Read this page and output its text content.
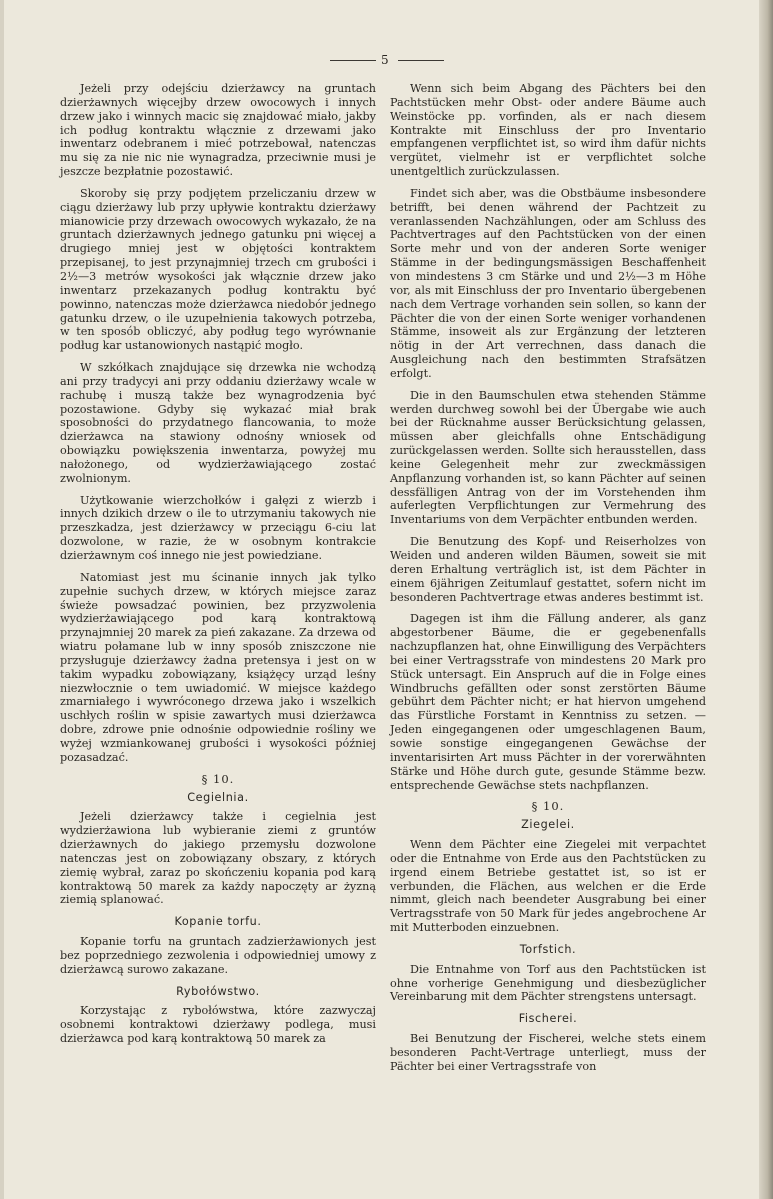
5

Jeżeli przy odejściu dzierżawcy na gruntach dzierżawnych więcejby drzew owocowych i innych drzew jako i winnych macic się znajdować miało, jakby ich podług kontraktu włącznie z drzewami jako inwentarz odebranem i mieć potrzebował, natenczas mu się za nie nic nie wynagradza, przeciwnie musi je jeszcze bezpłatnie pozostawić.

Skoroby się przy podjętem przeliczaniu drzew w ciągu dzierżawy lub przy upływie kontraktu dzierżawy mianowicie przy drzewach owocowych wykazało, że na gruntach dzierżawnych jednego gatunku pni więcej a drugiego mniej jest w objętości kontraktem przepisanej, to jest przynajmniej trzech cm grubości i 2½—3 metrów wysokości jak włącznie drzew jako inwentarz przekazanych podług kontraktu być powinno, natenczas może dzierżawca niedobór jednego gatunku drzew, o ile uzupełnienia takowych potrzeba, w ten sposób obliczyć, aby podług tego wyrównanie podług kar ustanowionych nastąpić mogło.

W szkółkach znajdujące się drzewka nie wchodzą ani przy tradycyi ani przy oddaniu dzierżawy wcale w rachubę i muszą także bez wynagrodzenia być pozostawione. Gdyby się wykazać miał brak sposobności do przydatnego flancowania, to może dzierżawca na stawiony odnośny wniosek od obowiązku powiększenia inwentarza, powyżej mu nałożonego, od wydzierżawiającego zostać zwolnionym.

Użytkowanie wierzchołków i gałęzi z wierzb i innych dzikich drzew o ile to utrzymaniu takowych nie przeszkadza, jest dzierżawcy w przeciągu 6-ciu lat dozwolone, w razie, że w osobnym kontrakcie dzierżawnym coś innego nie jest powiedziane.

Natomiast jest mu ścinanie innych jak tylko zupełnie suchych drzew, w których miejsce zaraz świeże powsadzać powinien, bez przyzwolenia wydzierżawiającego pod karą kontraktową przynajmniej 20 marek za pień zakazane. Za drzewa od wiatru połamane lub w inny sposób zniszczone nie przysługuje dzierżawcy żadna pretensya i jest on w takim wypadku zobowiązany, książęcy urząd leśny niezwłocznie o tem uwiadomić. W miejsce każdego zmarniałego i wywróconego drzewa jako i wszelkich uschłych roślin w spisie zawartych musi dzierżawca dobre, zdrowe pnie odnośnie odpowiednie rośliny we wyżej wzmiankowanej grubości i wysokości później pozasadzać.

§ 10.
Cegielnia.

Jeżeli dzierżawcy także i cegielnia jest wydzierżawiona lub wybieranie ziemi z gruntów dzierżawnych do jakiego przemysłu dozwolone natenczas jest on zobowiązany obszary, z których ziemię wybrał, zaraz po skończeniu kopania pod karą kontraktową 50 marek za każdy napoczęty ar żyzną ziemią splanować.

Kopanie torfu.

Kopanie torfu na gruntach zadzierżawionych jest bez poprzedniego zezwolenia i odpowiedniej umowy z dzierżawcą surowo zakazane.

Rybołówstwo.

Korzystając z rybołówstwa, które zazwyczaj osobnemi kontraktowi dzierżawy podlega, musi dzierżawca pod karą kontraktową 50 marek za

Wenn sich beim Abgang des Pächters bei den Pachtstücken mehr Obst- oder andere Bäume auch Weinstöcke pp. vorfinden, als er nach diesem Kontrakte mit Einschluss der pro Inventario empfangenen verpflichtet ist, so wird ihm dafür nichts vergütet, vielmehr ist er verpflichtet solche unentgeltlich zurückzulassen.

Findet sich aber, was die Obstbäume insbesondere betrifft, bei denen während der Pachtzeit zu veranlassenden Nachzählungen, oder am Schluss des Pachtvertrages auf den Pachtstücken von der einen Sorte mehr und von der anderen Sorte weniger Stämme in der bedingungsmässigen Beschaffenheit von mindestens 3 cm Stärke und und 2½—3 m Höhe vor, als mit Einschluss der pro Inventario übergebenen nach dem Vertrage vorhanden sein sollen, so kann der Pächter die von der einen Sorte weniger vorhandenen Stämme, insoweit als zur Ergänzung der letzteren nötig in der Art verrechnen, dass danach die Ausgleichung nach den bestimmten Strafsätzen erfolgt.

Die in den Baumschulen etwa stehenden Stämme werden durchweg sowohl bei der Übergabe wie auch bei der Rücknahme ausser Berücksichtung gelassen, müssen aber gleichfalls ohne Entschädigung zurückgelassen werden. Sollte sich herausstellen, dass keine Gelegenheit mehr zur zweckmässigen Anpflanzung vorhanden ist, so kann Pächter auf seinen dessfälligen Antrag von der im Vorstehenden ihm auferlegten Verpflichtungen zur Vermehrung des Inventariums von dem Verpächter entbunden werden.

Die Benutzung des Kopf- und Reiserholzes von Weiden und anderen wilden Bäumen, soweit sie mit deren Erhaltung verträglich ist, ist dem Pächter in einem 6jährigen Zeitumlauf gestattet, sofern nicht im besonderen Pachtvertrage etwas anderes bestimmt ist.

Dagegen ist ihm die Fällung anderer, als ganz abgestorbener Bäume, die er gegebenenfalls nachzupflanzen hat, ohne Einwilligung des Verpächters bei einer Vertragsstrafe von mindestens 20 Mark pro Stück untersagt. Ein Anspruch auf die in Folge eines Windbruchs gefällten oder sonst zerstörten Bäume gebührt dem Pächter nicht; er hat hiervon umgehend das Fürstliche Forstamt in Kenntniss zu setzen. — Jeden eingegangenen oder umgeschlagenen Baum, sowie sonstige eingegangenen Gewächse der inventarisirten Art muss Pächter in der vorerwähnten Stärke und Höhe durch gute, gesunde Stämme bezw. entsprechende Gewächse stets nachpflanzen.

§ 10.
Ziegelei.

Wenn dem Pächter eine Ziegelei mit verpachtet oder die Entnahme von Erde aus den Pachtstücken zu irgend einem Betriebe gestattet ist, so ist er verbunden, die Flächen, aus welchen er die Erde nimmt, gleich nach beendeter Ausgrabung bei einer Vertragsstrafe von 50 Mark für jedes angebrochene Ar mit Mutterboden einzuebnen.

Torfstich.

Die Entnahme von Torf aus den Pachtstücken ist ohne vorherige Genehmigung und diesbezüglicher Vereinbarung mit dem Pächter strengstens untersagt.

Fischerei.

Bei Benutzung der Fischerei, welche stets einem besonderen Pacht-Vertrage unterliegt, muss der Pächter bei einer Vertragsstrafe von
